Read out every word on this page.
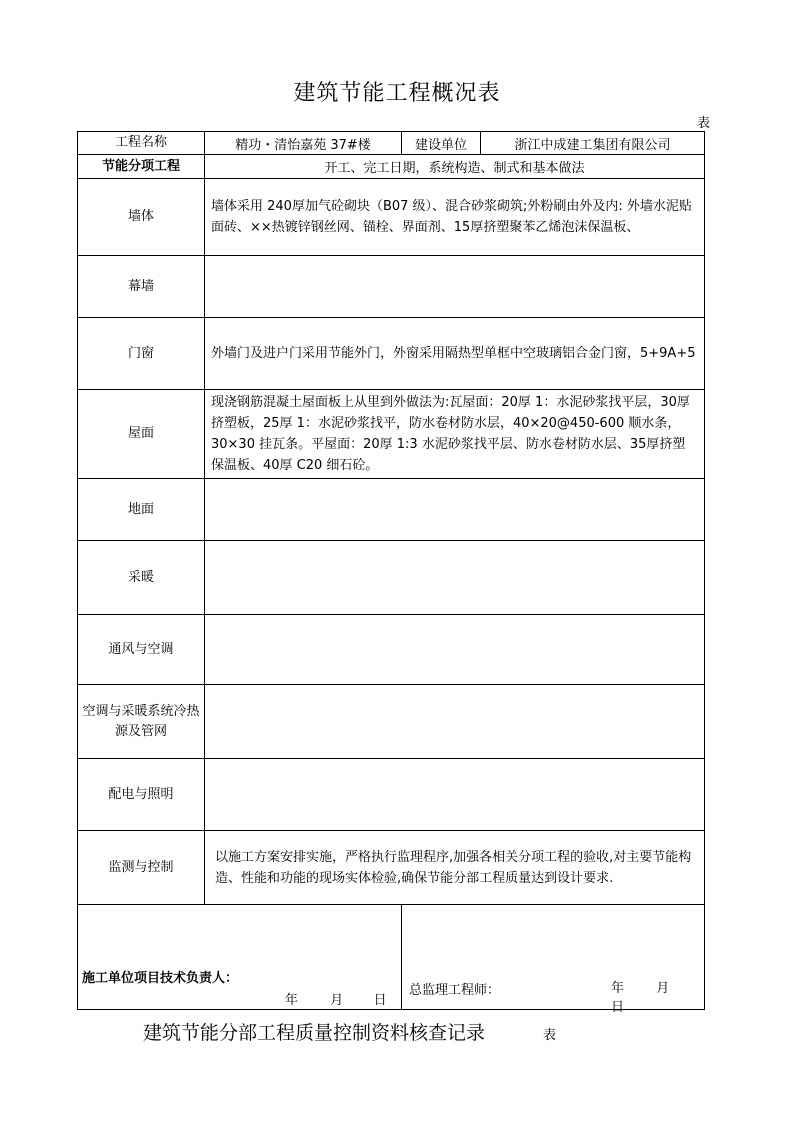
建筑节能工程概况表
表
工程名称	精功・清怡嘉苑 37#楼	建设单位	浙江中成建工集团有限公司
节能分项工程	开工、完工日期，系统构造、制式和基本做法		
墙体	墙体采用 240厚加气砼砌块（B07 级）、混合砂浆砌筑;外粉刷由外及内: 外墙水泥贴面砖、××热镀锌钢丝网、锚栓、界面剂、15厚挤塑聚苯乙烯泡沫保温板、		
幕墙			
门窗	外墙门及进户门采用节能外门，外窗采用隔热型单框中空玻璃铝合金门窗，5+9A+5		
屋面	现浇钢筋混凝土屋面板上从里到外做法为:瓦屋面：20厚 1：水泥砂浆找平层，30厚挤塑板，25厚 1：水泥砂浆找平，防水卷材防水层，40×20@450-600 顺水条，30×30 挂瓦条。平屋面：20厚 1:3 水泥砂浆找平层、防水卷材防水层、35厚挤塑保温板、40厚 C20 细石砼。		
地面			
采暖			
通风与空调			
空调与采暖系统冷热源及管网			
配电与照明			
监测与控制	以施工方案安排实施，严格执行监理程序,加强各相关分项工程的验收,对主要节能构造、性能和功能的现场实体检验,确保节能分部工程质量达到设计要求.		

施工单位项目技术负责人：
年 月 日		总监理工程师： 年 月  日	
建筑节能分部工程质量控制资料核查记录	表
